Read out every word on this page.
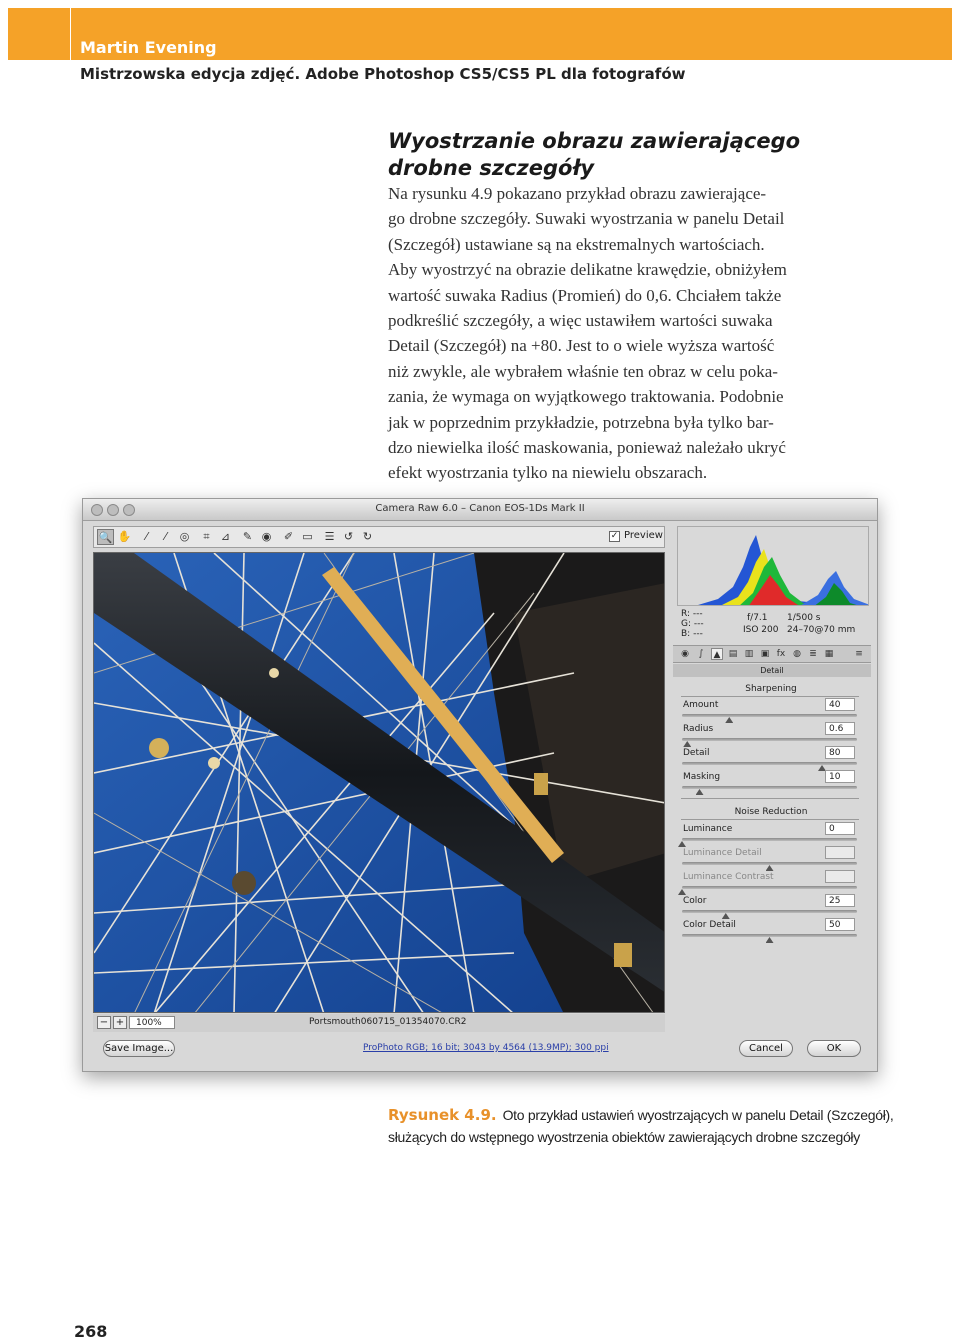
Martin Evening
Mistrzowska edycja zdjęć. Adobe Photoshop CS5/CS5 PL dla fotografów
Wyostrzanie obrazu zawierającego
drobne szczegóły
Na rysunku 4.9 pokazano przykład obrazu zawierające-
go drobne szczegóły. Suwaki wyostrzania w panelu Detail
(Szczegół) ustawiane są na ekstremalnych wartościach.
Aby wyostrzyć na obrazie delikatne krawędzie, obniżyłem
wartość suwaka Radius (Promień) do 0,6. Chciałem także
podkreślić szczegóły, a więc ustawiłem wartości suwaka
Detail (Szczegół) na +80. Jest to o wiele wyższa wartość
niż zwykle, ale wybrałem właśnie ten obraz w celu poka-
zania, że wymaga on wyjątkowego traktowania. Podobnie
jak w poprzednim przykładzie, potrzebna była tylko bar-
dzo niewielka ilość maskowania, ponieważ należało ukryć
efekt wyostrzania tylko na niewielu obszarach.
Camera Raw 6.0 – Canon EOS-1Ds Mark II
🔍 ✋	⁄	⁄	◎	⌗	⊿	✎ ◉	✐ ▭	☰ ↺ ↻	✓ Preview
− +	100%	Portsmouth060715_01354070.CR2
Save Image...	ProPhoto RGB; 16 bit; 3043 by 4564 (13.9MP); 300 ppi	Cancel	OK
R: ---
G: ---
B: ---
f/7.1 1/500 s
ISO 200 24–70@70 mm
◉	∫	▲ ▤ ▥ ▣ fx ◍ ≣ ▦ ≡
Detail
Sharpening
Noise Reduction
Amount	40
Radius	0.6
Detail	80
Masking	10
Luminance	0
Luminance Detail
Luminance Contrast
Color	25
Color Detail	50
Rysunek 4.9. Oto przykład ustawień wyostrzających w panelu Detail (Szczegół),
służących do wstępnego wyostrzenia obiektów zawierających drobne szczegóły
268
